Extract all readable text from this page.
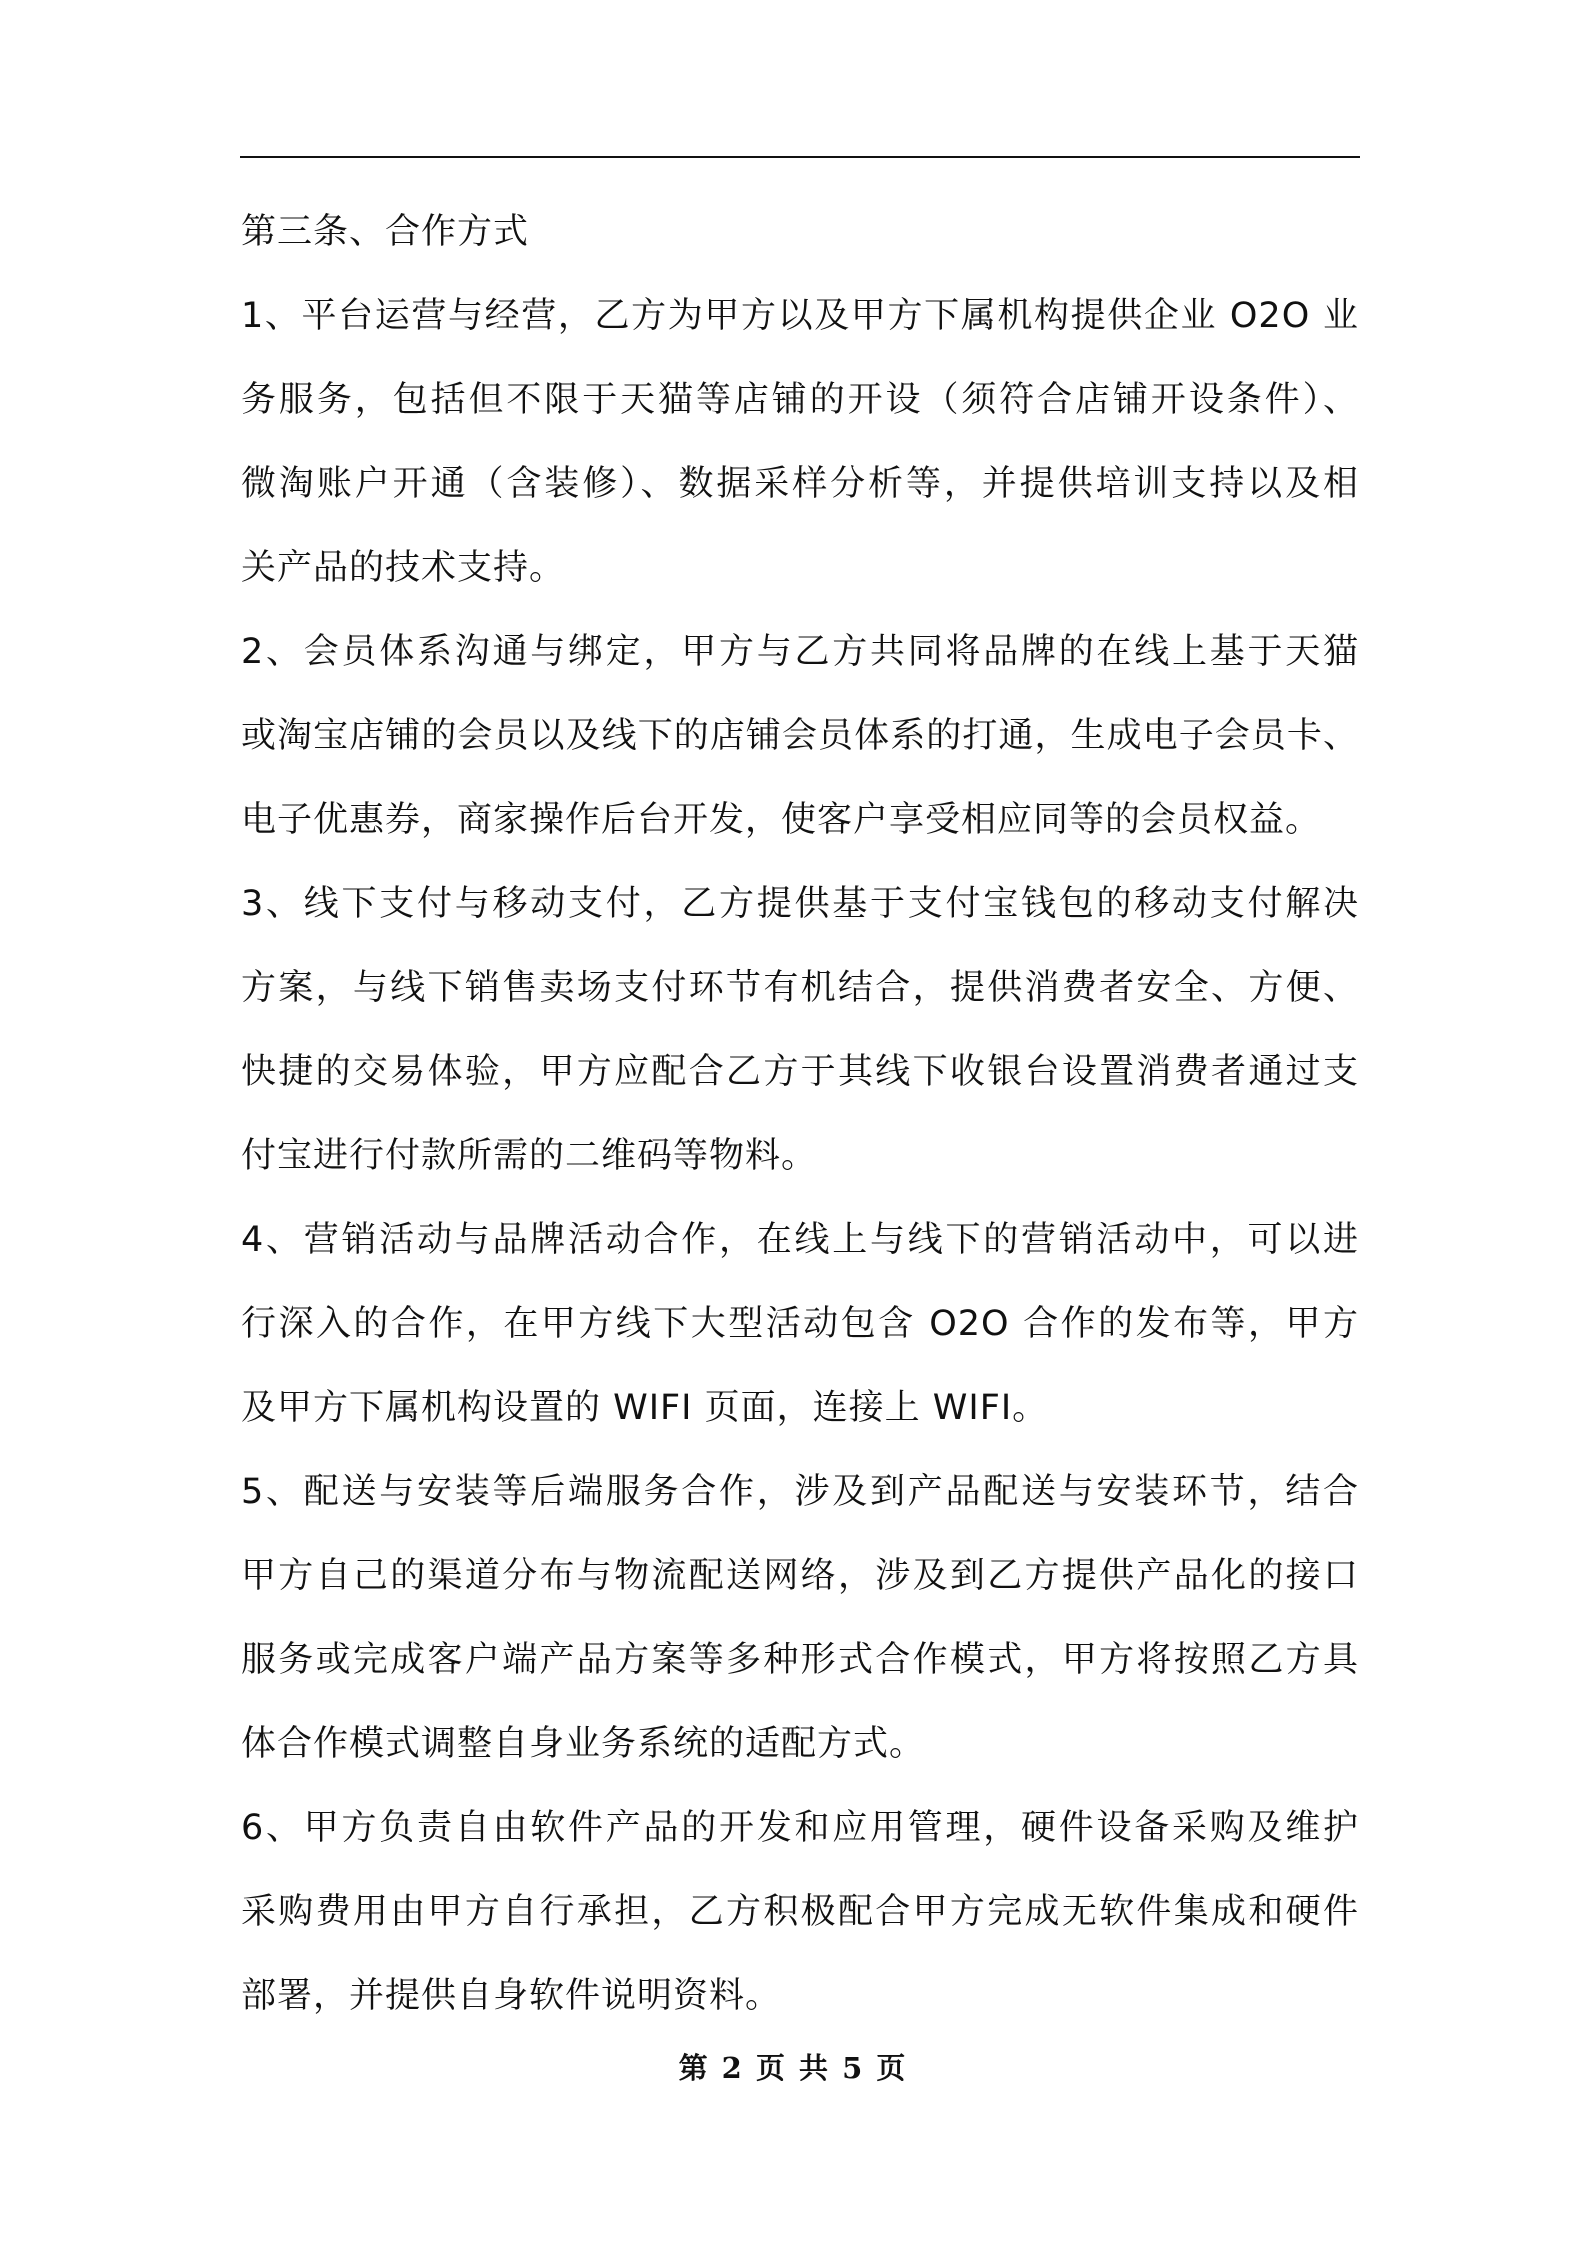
第三条、合作方式
1、平台运营与经营，乙方为甲方以及甲方下属机构提供企业 O2O 业
务服务，包括但不限于天猫等店铺的开设（须符合店铺开设条件）、
微淘账户开通（含装修）、数据采样分析等，并提供培训支持以及相
关产品的技术支持。
2、会员体系沟通与绑定，甲方与乙方共同将品牌的在线上基于天猫
或淘宝店铺的会员以及线下的店铺会员体系的打通，生成电子会员卡、
电子优惠券，商家操作后台开发，使客户享受相应同等的会员权益。
3、线下支付与移动支付，乙方提供基于支付宝钱包的移动支付解决
方案，与线下销售卖场支付环节有机结合，提供消费者安全、方便、
快捷的交易体验，甲方应配合乙方于其线下收银台设置消费者通过支
付宝进行付款所需的二维码等物料。
4、营销活动与品牌活动合作，在线上与线下的营销活动中，可以进
行深入的合作，在甲方线下大型活动包含 O2O 合作的发布等，甲方
及甲方下属机构设置的 WIFI 页面，连接上 WIFI。
5、配送与安装等后端服务合作，涉及到产品配送与安装环节，结合
甲方自己的渠道分布与物流配送网络，涉及到乙方提供产品化的接口
服务或完成客户端产品方案等多种形式合作模式，甲方将按照乙方具
体合作模式调整自身业务系统的适配方式。
6、甲方负责自由软件产品的开发和应用管理，硬件设备采购及维护
采购费用由甲方自行承担，乙方积极配合甲方完成无软件集成和硬件
部署，并提供自身软件说明资料。
第 2 页 共 5 页
